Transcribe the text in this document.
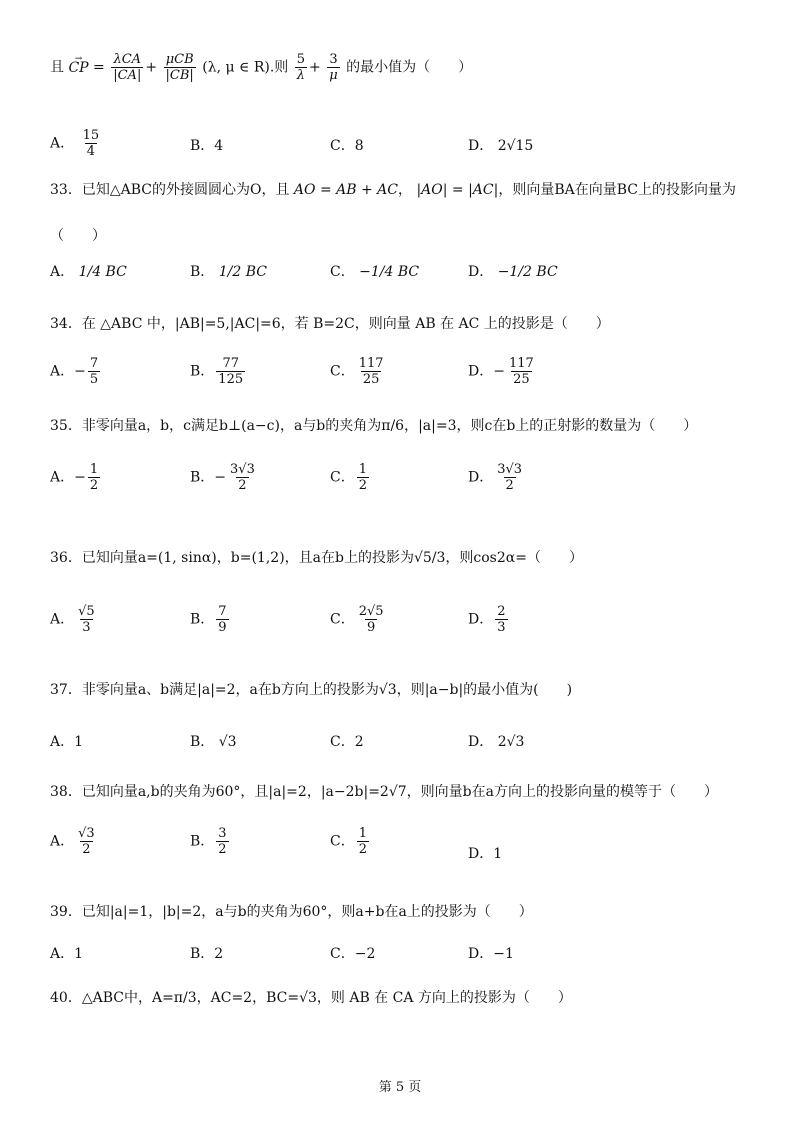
且 → CP = $\frac{\text{λCA}}{|CA|} + \frac{\text{μCB}}{|CB|} (\lambda$, μ ∈ R).则 $\frac{5}{\lambda} + \frac{3}{\mu}$ 的最小值为（　　）
A． $\frac{15}{4}$	B．4	C．8	D． 2√15
33．已知△ABC的外接圆圆心为O，且 AO = AB + AC， |AO| = |AC|，则向量BA在向量BC上的投影向量为
（　　）
A． 1/4 BC	B． 1/2 BC	C． −1/4 BC	D． −1/2 BC
34．在 △ABC 中，|AB|=5,|AC|=6，若 B=2C，则向量 AB 在 AC 上的投影是（　　）
A．− $\frac{7}{5}$	B． $\frac{77}{125}$	C． $\frac{117}{25}$	D．− $\frac{117}{25}$
35．非零向量a，b，c满足b⊥(a−c)，a与b的夹角为π/6，|a|=3，则c在b上的正射影的数量为（　　）
A．− $\frac{1}{2}$	B．− $\frac{3√3}{2}$	C． $\frac{1}{2}$	D． $\frac{3√3}{2}$
36．已知向量a=(1, sinα)，b=(1,2)，且a在b上的投影为√5/3，则cos2α=（　　）
A． $\frac{√5}{3}$	B． $\frac{7}{9}$	C． $\frac{2√5}{9}$	D． $\frac{2}{3}$
37．非零向量a、b满足|a|=2，a在b方向上的投影为√3，则|a−b|的最小值为(　　)
A．1	B． √3	C．2	D． 2√3
38．已知向量a,b的夹角为60°，且|a|=2，|a−2b|=2√7，则向量b在a方向上的投影向量的模等于（　　）
A． $\frac{√3}{2}$	B． $\frac{3}{2}$	C． $\frac{1}{2}$	D．1
39．已知|a|=1，|b|=2，a与b的夹角为60°，则a+b在a上的投影为（　　）
A．1	B．2	C．−2	D．−1
40．△ABC中，A=π/3，AC=2，BC=√3，则 AB 在 CA 方向上的投影为（　　）
第 5 页
